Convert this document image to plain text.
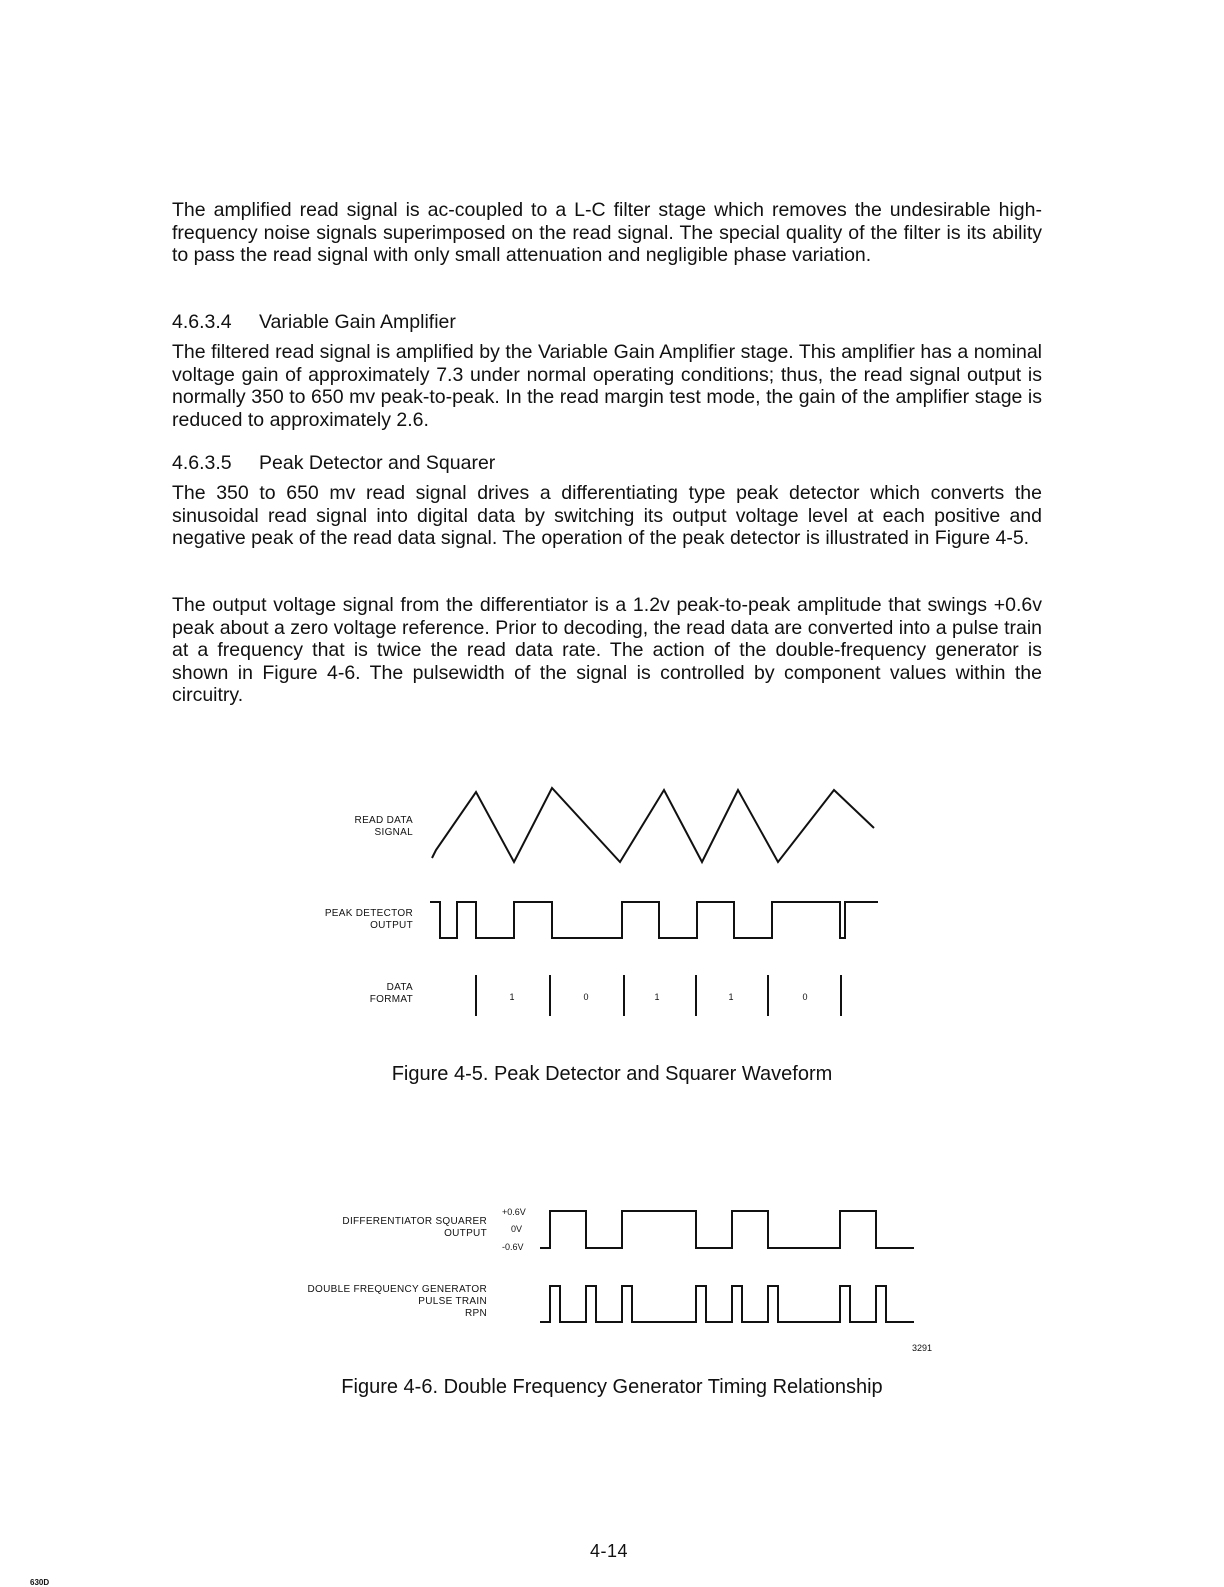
The amplified read signal is ac-coupled to a L-C filter stage which removes the undesirable high-frequency noise signals superimposed on the read signal. The special quality of the filter is its ability to pass the read signal with only small attenuation and negligible phase variation.

4.6.3.4 Variable Gain Amplifier

The filtered read signal is amplified by the Variable Gain Amplifier stage. This amplifier has a nominal voltage gain of approximately 7.3 under normal operating conditions; thus, the read signal output is normally 350 to 650 mv peak-to-peak. In the read margin test mode, the gain of the amplifier stage is reduced to approximately 2.6.

4.6.3.5 Peak Detector and Squarer

The 350 to 650 mv read signal drives a differentiating type peak detector which converts the sinusoidal read signal into digital data by switching its output voltage level at each positive and negative peak of the read data signal. The operation of the peak detector is illustrated in Figure 4-5.

The output voltage signal from the differentiator is a 1.2v peak-to-peak amplitude that swings +0.6v peak about a zero voltage reference. Prior to decoding, the read data are converted into a pulse train at a frequency that is twice the read data rate. The action of the double-frequency generator is shown in Figure 4-6. The pulsewidth of the signal is controlled by component values within the circuitry.

READ DATA
SIGNAL
PEAK DETECTOR
OUTPUT
DATA
FORMAT	1	0	1	1	0

Figure 4-5. Peak Detector and Squarer Waveform

DIFFERENTIATOR SQUARER
OUTPUT
+0.6V
0V
-0.6V
DOUBLE FREQUENCY GENERATOR
PULSE TRAIN
RPN
3291

Figure 4-6. Double Frequency Generator Timing Relationship

4-14
630D
